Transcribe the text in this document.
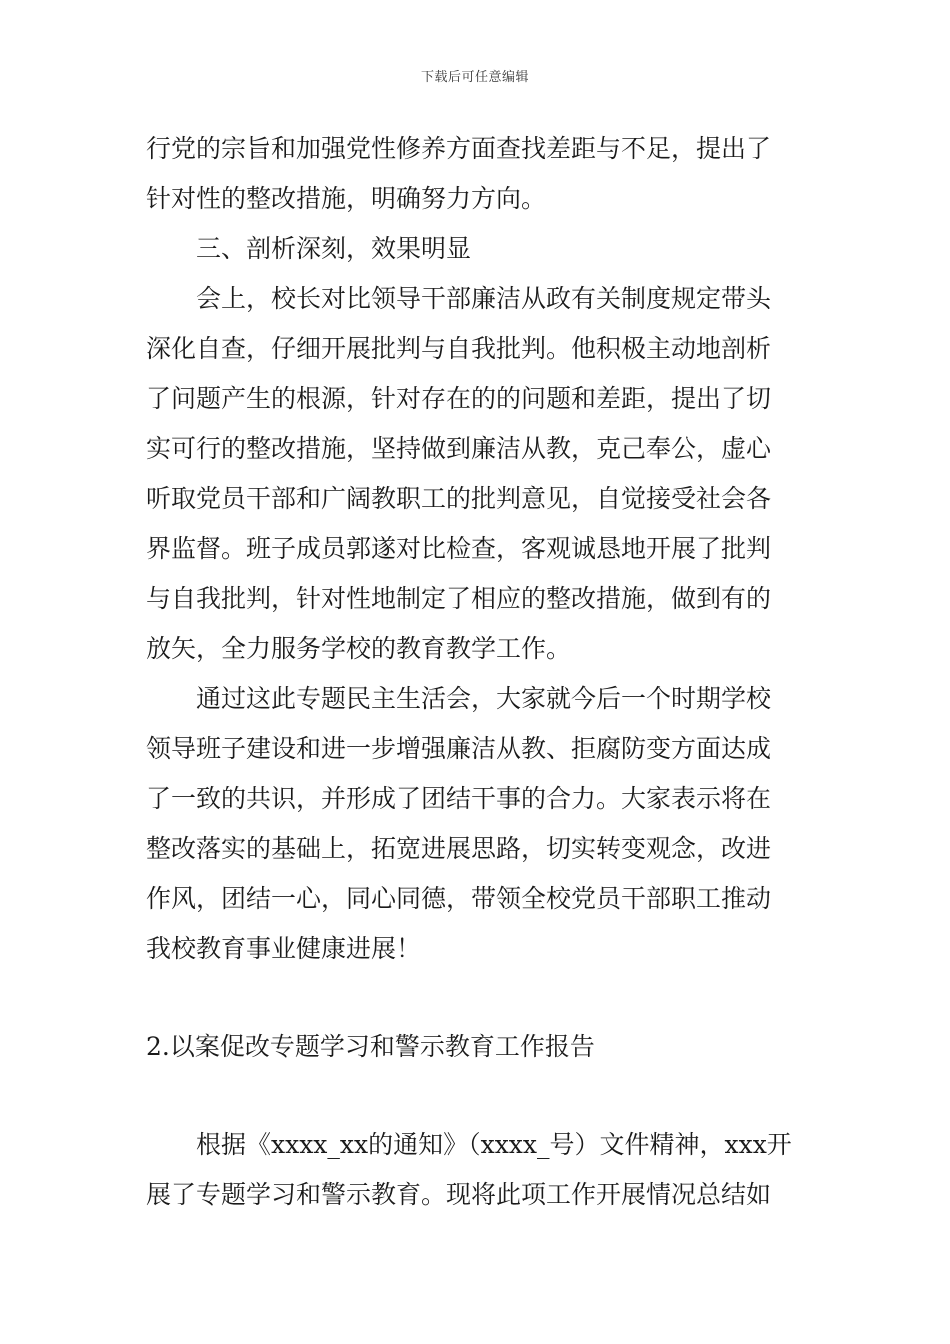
下载后可任意编辑
行党的宗旨和加强党性修养方面查找差距与不足，提出了
针对性的整改措施，明确努力方向。
三、剖析深刻，效果明显
会上，校长对比领导干部廉洁从政有关制度规定带头
深化自查，仔细开展批判与自我批判。他积极主动地剖析
了问题产生的根源，针对存在的的问题和差距，提出了切
实可行的整改措施，坚持做到廉洁从教，克己奉公，虚心
听取党员干部和广阔教职工的批判意见，自觉接受社会各
界监督。班子成员郭遂对比检查，客观诚恳地开展了批判
与自我批判，针对性地制定了相应的整改措施，做到有的
放矢，全力服务学校的教育教学工作。
通过这此专题民主生活会，大家就今后一个时期学校
领导班子建设和进一步增强廉洁从教、拒腐防变方面达成
了一致的共识，并形成了团结干事的合力。大家表示将在
整改落实的基础上，拓宽进展思路，切实转变观念，改进
作风，团结一心，同心同德，带领全校党员干部职工推动
我校教育事业健康进展！
2.以案促改专题学习和警示教育工作报告
根据《xxxx_xx的通知》（xxxx_号）文件精神，xxx开
展了专题学习和警示教育。现将此项工作开展情况总结如
